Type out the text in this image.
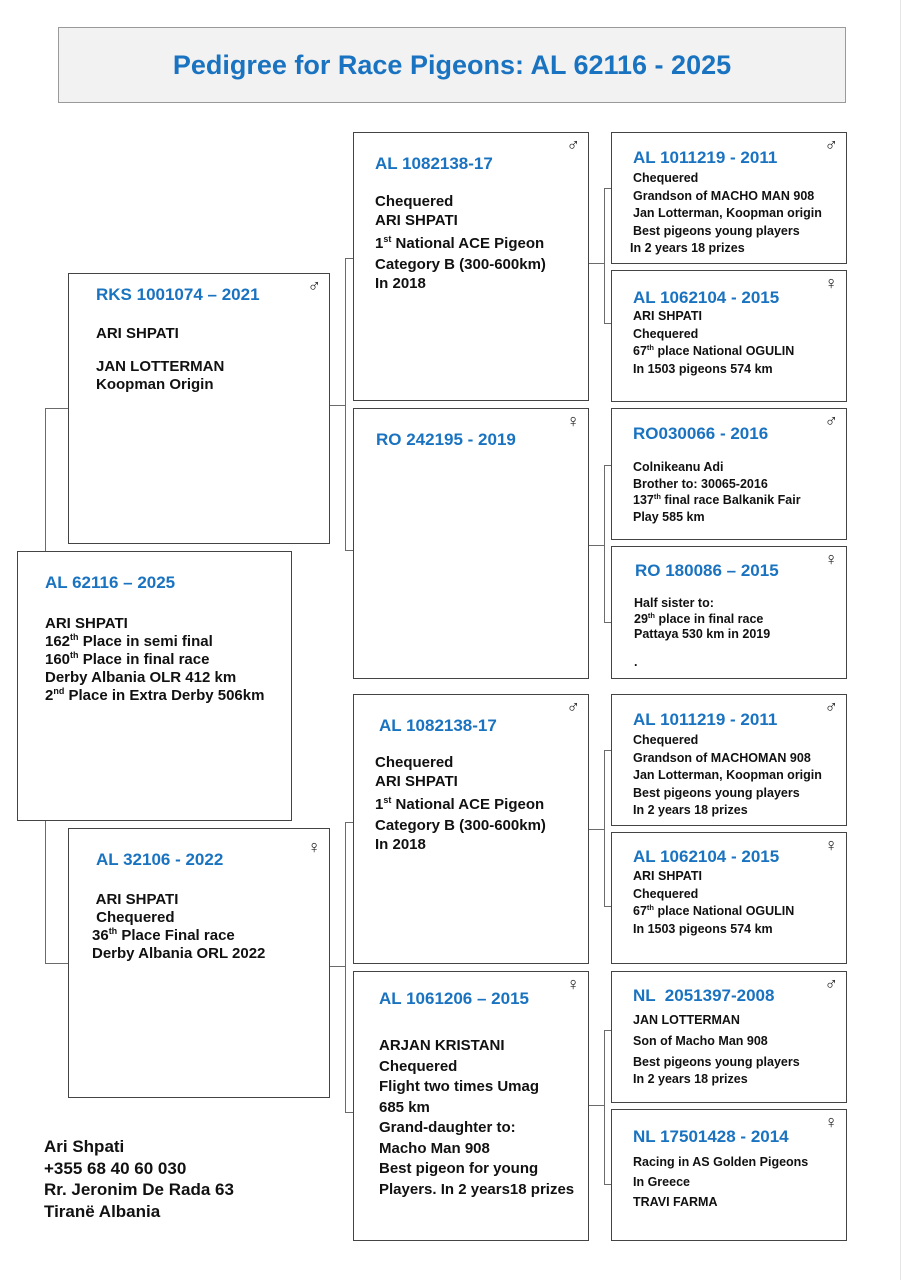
Pedigree for Race Pigeons: AL 62116 - 2025
RKS 1001074 – 2021	♂
ARI SHPATI
JAN LOTTERMAN
Koopman Origin
AL 62116 – 2025
ARI SHPATI
162th Place in semi final
160th Place in final race
Derby Albania OLR 412 km
2nd Place in Extra Derby 506km
AL 32106 - 2022
♀
ARI SHPATI
Chequered
36th Place Final race
Derby Albania ORL 2022
AL 1082138-17
♂
Chequered
ARI SHPATI
1st National ACE Pigeon
Category B (300-600km)
In 2018
RO 242195 - 2019
♀
AL 1082138-17
♂
Chequered
ARI SHPATI
1st National ACE Pigeon
Category B (300-600km)
In 2018
AL 1061206 – 2015
♀
ARJAN KRISTANI
Chequered
Flight two times Umag
685 km
Grand-daughter to:
Macho Man 908
Best pigeon for young
Players. In 2 years18 prizes
AL 1011219 - 2011
♂
Chequered
Grandson of MACHO MAN 908
Jan Lotterman, Koopman origin
Best pigeons young players
In 2 years 18 prizes
AL 1062104 - 2015
♀
ARI SHPATI
Chequered
67th place National OGULIN
In 1503 pigeons 574 km
RO030066 - 2016
♂
Colnikeanu Adi
Brother to: 30065-2016
137th final race Balkanik Fair
Play 585 km
RO 180086 – 2015
♀
Half sister to:
29th place in final race
Pattaya 530 km in 2019
.
AL 1011219 - 2011
♂
Chequered
Grandson of MACHOMAN 908
Jan Lotterman, Koopman origin
Best pigeons young players
In 2 years 18 prizes
AL 1062104 - 2015
♀
ARI SHPATI
Chequered
67th place National OGULIN
In 1503 pigeons 574 km
NL  2051397-2008
♂
JAN LOTTERMAN
Son of Macho Man 908
Best pigeons young players
In 2 years 18 prizes
NL 17501428 - 2014
♀
Racing in AS Golden Pigeons
In Greece
TRAVI FARMA
Ari Shpati
+355 68 40 60 030
Rr. Jeronim De Rada 63
Tiranë Albania
